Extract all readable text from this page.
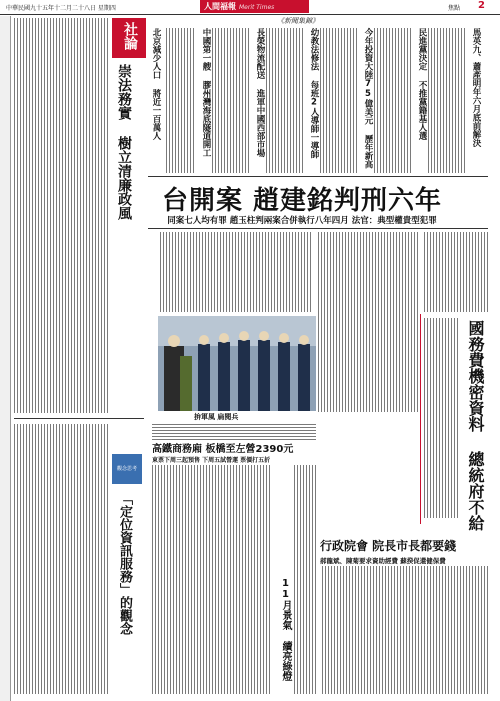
中華民國九十五年十二月二十八日 星期四	人間福報 Merit Times	焦點 2
社論
崇法務實 樹立清廉政風
觀念思考
「定位資訊服務」的觀念
《新聞集錦》
馬英九、蕭產明年六月底前解決
民進黨決定 不推黨籍基人選
今年投資大陸75億美元 歷年新高
幼教法修法 每班2人導師一導師
長榮物流配送 進軍中國西部市場
中國第一艘 膠州灣海底隧道開工
北京減少人口 將近一百萬人
台開案 趙建銘判刑六年
同案七人均有罪 趙玉柱判兩案合併執行八年四月 法官：典型權貴型犯罪
拚軍風 扁閱兵	國務費機密資料 總統府不給
行政院會 院長市長都要錢
郝龍斌、陳菊要求資助經費 蘇揆促還健保費
高鐵商務廂 板橋至左營2390元
東票下周三起預售 下周五試營運 票價打五折
11月景氣 續亮綠燈
